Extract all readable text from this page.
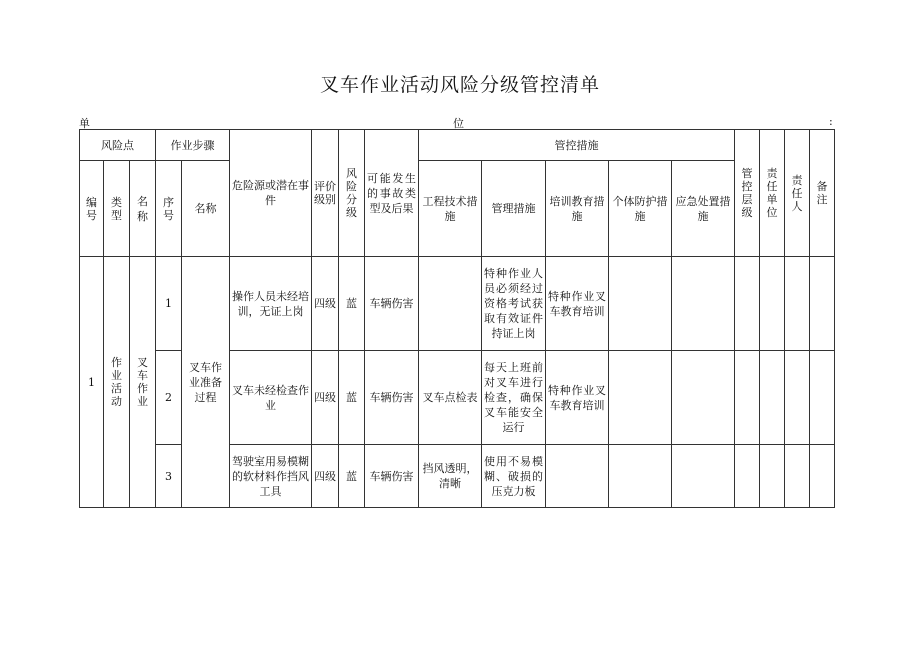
叉车作业活动风险分级管控清单
单	位	:
风险点			作业步骤		危险源或潜在事件	评价级别	风险分级	可能发生的事故类型及后果	管控措施					管控层级	责任单位	责任人	备注
编号	类型	名称	序号	名称					工程技术措施	管理措施	培训教育措施	个体防护措施	应急处置措施				
1	作业活动	叉车作业	1	叉车作业准备过程	操作人员未经培训，无证上岗	四级	蓝	车辆伤害		特种作业人员必须经过资格考试获取有效证件持证上岗	特种作业叉车教育培训						
			2		叉车未经检查作业	四级	蓝	车辆伤害	叉车点检表	每天上班前对叉车进行检查，确保叉车能安全运行	特种作业叉车教育培训						
			3		驾驶室用易模糊的软材料作挡风工具	四级	蓝	车辆伤害	挡风透明，清晰	使用不易模糊、破损的压克力板							
